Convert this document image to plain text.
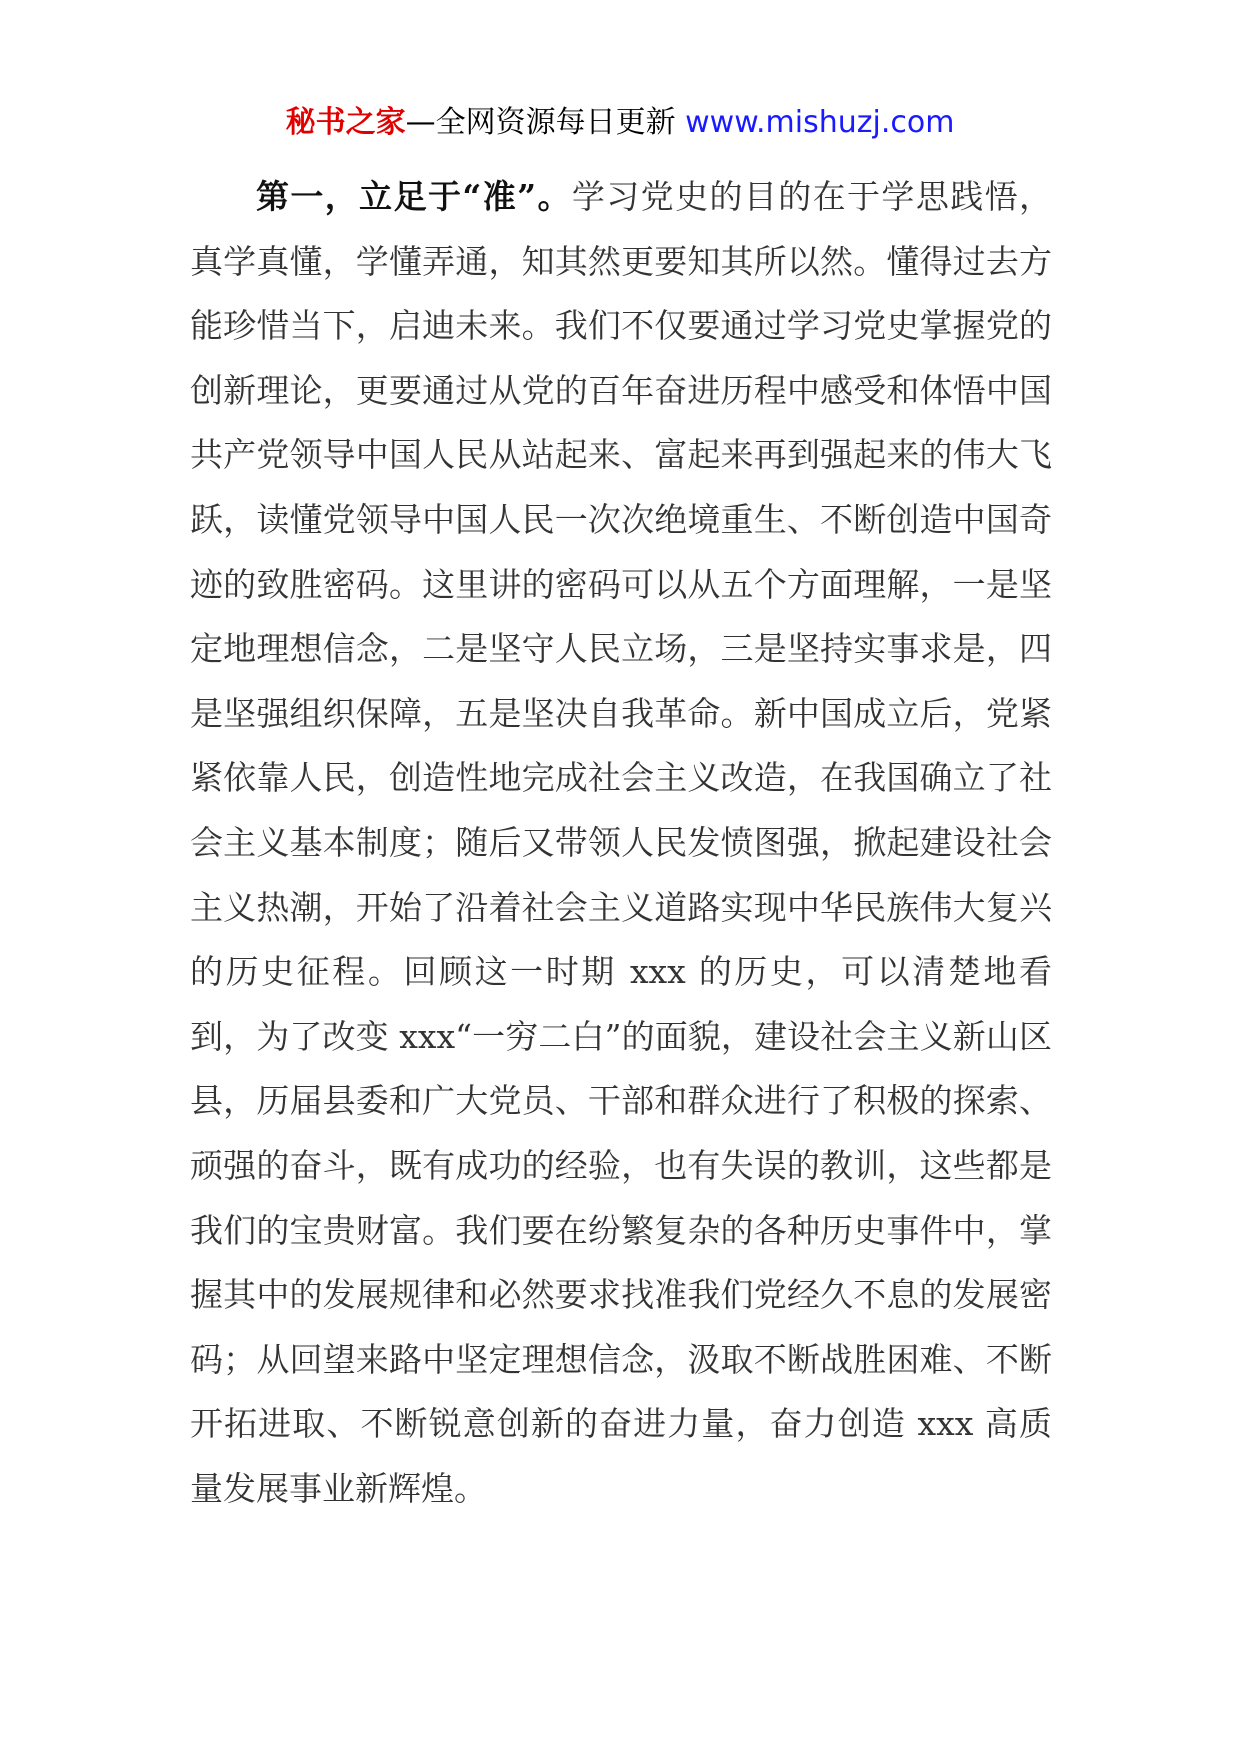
秘书之家—全网资源每日更新 www.mishuzj.com

第一，立足于“准”。学习党史的目的在于学思践悟，真学真懂，学懂弄通，知其然更要知其所以然。懂得过去方能珍惜当下，启迪未来。我们不仅要通过学习党史掌握党的创新理论，更要通过从党的百年奋进历程中感受和体悟中国共产党领导中国人民从站起来、富起来再到强起来的伟大飞跃，读懂党领导中国人民一次次绝境重生、不断创造中国奇迹的致胜密码。这里讲的密码可以从五个方面理解，一是坚定地理想信念，二是坚守人民立场，三是坚持实事求是，四是坚强组织保障，五是坚决自我革命。新中国成立后，党紧紧依靠人民，创造性地完成社会主义改造，在我国确立了社会主义基本制度；随后又带领人民发愤图强，掀起建设社会主义热潮，开始了沿着社会主义道路实现中华民族伟大复兴的历史征程。回顾这一时期 xxx 的历史，可以清楚地看到，为了改变 xxx“一穷二白”的面貌，建设社会主义新山区县，历届县委和广大党员、干部和群众进行了积极的探索、顽强的奋斗，既有成功的经验，也有失误的教训，这些都是我们的宝贵财富。我们要在纷繁复杂的各种历史事件中，掌握其中的发展规律和必然要求找准我们党经久不息的发展密码；从回望来路中坚定理想信念，汲取不断战胜困难、不断开拓进取、不断锐意创新的奋进力量，奋力创造 xxx 高质量发展事业新辉煌。
